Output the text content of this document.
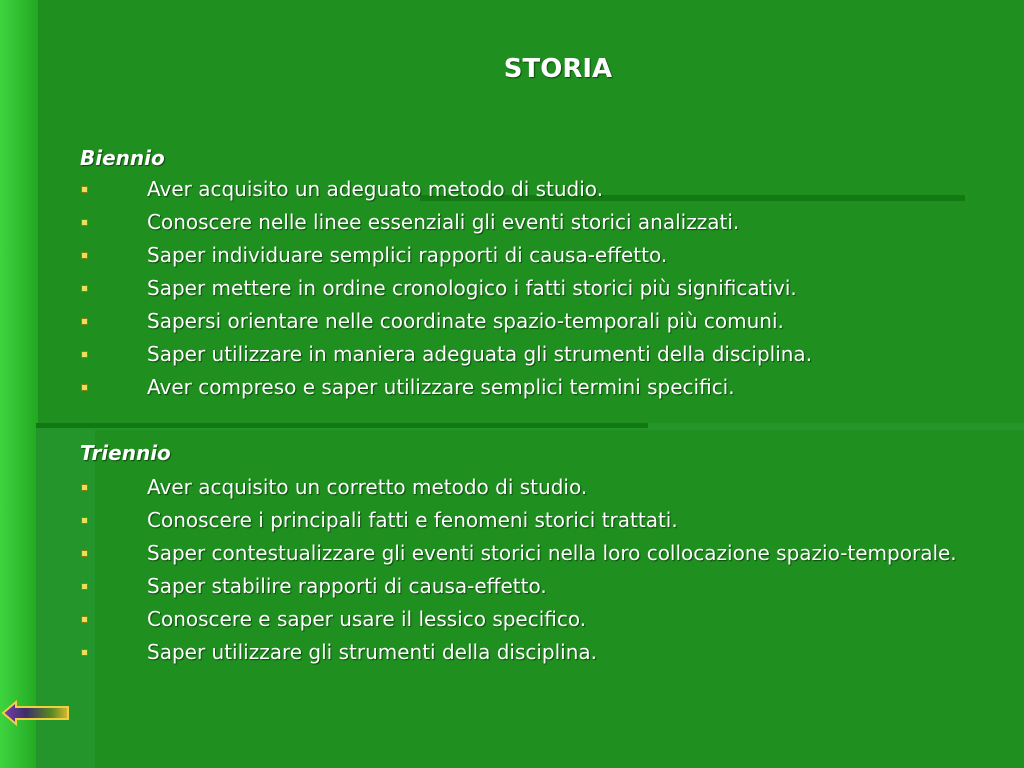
STORIA
Biennio
Aver acquisito un adeguato metodo di studio.
Conoscere nelle linee essenziali gli eventi storici analizzati.
Saper individuare semplici rapporti di causa-effetto.
Saper mettere in ordine cronologico i fatti storici più significativi.
Sapersi orientare nelle coordinate spazio-temporali più comuni.
Saper utilizzare in maniera adeguata gli strumenti della disciplina.
Aver compreso e saper utilizzare semplici termini specifici.
Triennio
Aver acquisito un corretto metodo di studio.
Conoscere i principali fatti e fenomeni storici trattati.
Saper contestualizzare gli eventi storici nella loro collocazione spazio-temporale.
Saper stabilire rapporti di causa-effetto.
Conoscere e saper usare il lessico specifico.
Saper utilizzare gli strumenti della disciplina.
